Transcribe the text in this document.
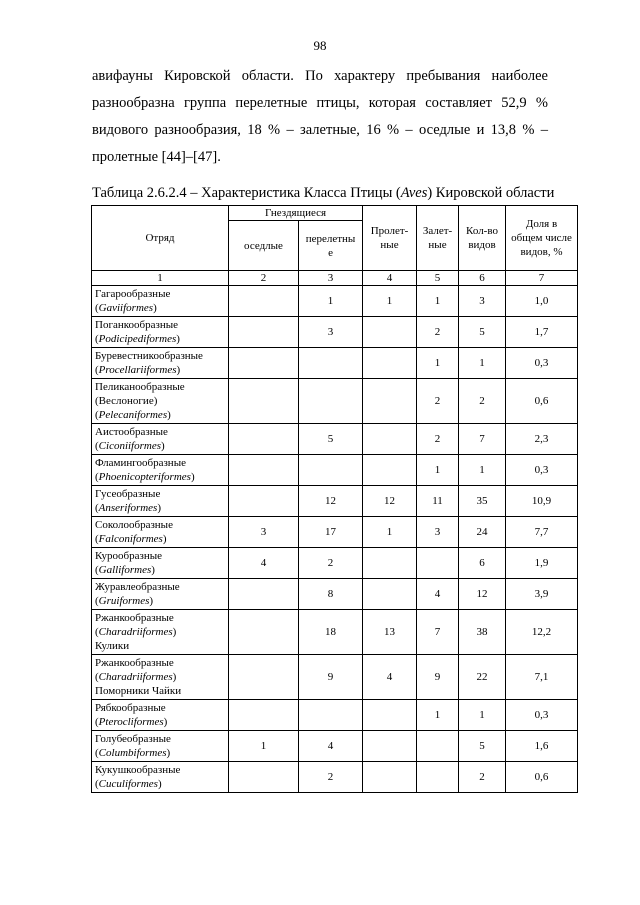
98

авифауны Кировской области. По характеру пребывания наиболее разнообразна группа перелетные птицы, которая составляет 52,9 % видового разнообразия, 18 % – залетные, 16 % – оседлые и 13,8 % – пролетные [44]–[47].

Таблица 2.6.2.4 – Характеристика Класса Птицы (Aves) Кировской области

Отряд	Гнездящиеся		Пролет-ные	Залет-ные	Кол-во видов	Доля в общем числе видов, %
	оседлые	перелетны е				
1	2	3	4	5	6	7
Гагарообразные
(Gaviiformes)		1	1	1	3	1,0
Поганкообразные
(Podicipediformes)		3		2	5	1,7
Буревестникообразные
(Procellariiformes)				1	1	0,3
Пеликанообразные (Веслоногие)
(Pelecaniformes)				2	2	0,6
Аистообразные
(Ciconiiformes)		5		2	7	2,3
Фламингообразные
(Phoenicopteriformes)				1	1	0,3
Гусеобразные
(Anseriformes)		12	12	11	35	10,9
Соколообразные
(Falconiformes)	3	17	1	3	24	7,7
Курообразные
(Galliformes)	4	2			6	1,9
Журавлеобразные
(Gruiformes)		8		4	12	3,9
Ржанкообразные
(Charadriiformes)
Кулики		18	13	7	38	12,2
Ржанкообразные
(Charadriiformes)
Поморники Чайки		9	4	9	22	7,1
Рябкообразные
(Pterocliformes)				1	1	0,3
Голубеобразные
(Columbiformes)	1	4			5	1,6
Кукушкообразные
(Cuculiformes)		2			2	0,6
